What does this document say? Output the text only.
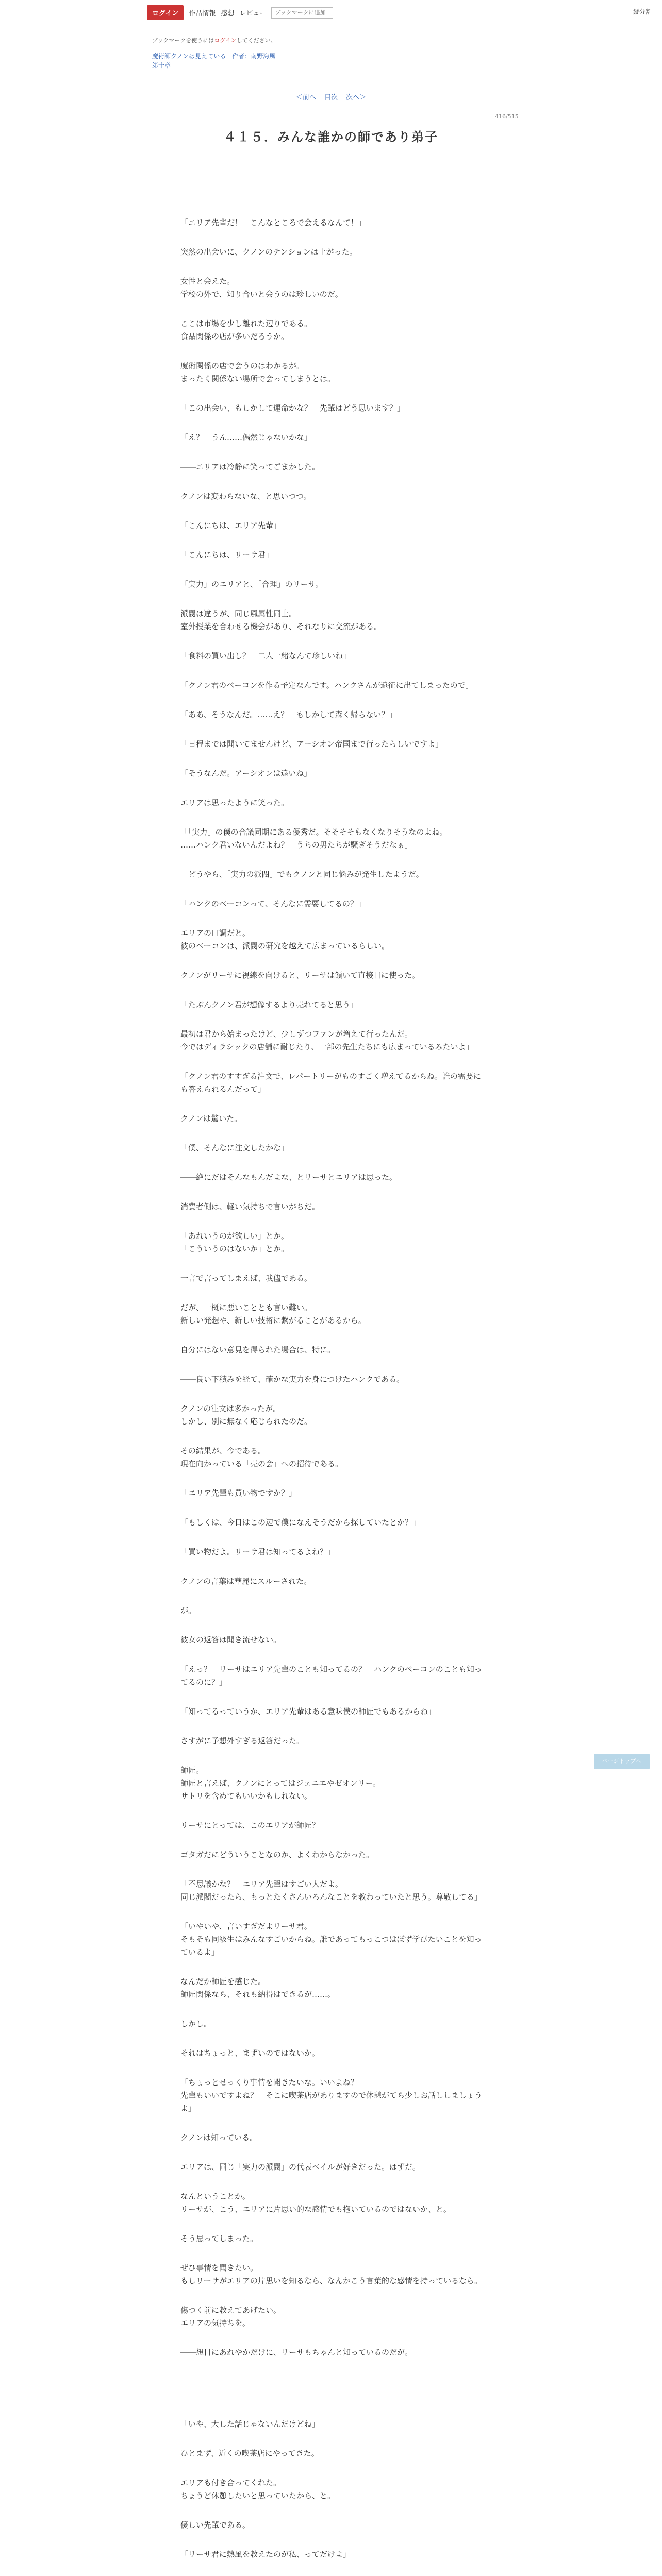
ログイン	作品情報 感想 レビュー
ブックマークに追加	縦分割
ブックマークを使うにはログインしてください。
魔術師クノンは見えている　作者：南野海風
第十章
＜前へ 目次 次へ＞
416/515
４１５．みんな誰かの師であり弟子

「エリア先輩だ！　こんなところで会えるなんて！」

突然の出会いに、クノンのテンションは上がった。

女性と会えた。
学校の外で、知り合いと会うのは珍しいのだ。

ここは市場を少し離れた辺りである。
食品関係の店が多いだろうか。

魔術関係の店で会うのはわかるが。
まったく関係ない場所で会ってしまうとは。

「この出会い、もしかして運命かな？　先輩はどう思います？」

「え？　うん……偶然じゃないかな」

――エリアは冷静に笑ってごまかした。

クノンは変わらないな、と思いつつ。

「こんにちは、エリア先輩」

「こんにちは、リーサ君」

「実力」のエリアと、「合理」のリーサ。

派閥は違うが、同じ風属性同士。
室外授業を合わせる機会があり、それなりに交流がある。

「食料の買い出し？　二人一緒なんて珍しいね」

「クノン君のベーコンを作る予定なんです。ハンクさんが遠征に出てしまったので」

「ああ、そうなんだ。……え？　もしかして森く帰らない？」

「日程までは聞いてませんけど、アーシオン帝国まで行ったらしいですよ」

「そうなんだ。アーシオンは遠いね」

エリアは思ったように笑った。

「「実力」の僕の合議同期にある優秀だ。そそそそもなくなりそうなのよね。
……ハンク君いないんだよね？　うちの男たちが騒ぎそうだなぁ」

　どうやら、「実力の派閥」でもクノンと同じ悩みが発生したようだ。

「ハンクのベーコンって、そんなに需要してるの？」

エリアの口調だと。
彼のベーコンは、派閥の研究を越えて広まっているらしい。

クノンがリーサに視線を向けると、リーサは頷いて直接目に使った。

「たぶんクノン君が想像するより売れてると思う」

最初は君から始まったけど、少しずつファンが増えて行ったんだ。
今ではディラシックの店舗に耐じたり、一部の先生たちにも広まっているみたいよ」

「クノン君のすすぎる注文で、レパートリーがものすごく増えてるからね。誰の需要にも答えられるんだって」

クノンは驚いた。

「僕、そんなに注文したかな」

――絶にだはそんなもんだよな、とリーサとエリアは思った。

消費者側は、軽い気持ちで言いがちだ。

「あれいうのが欲しい」とか。
「こういうのはないか」とか。

一言で言ってしまえば、我儘である。

だが、一概に悪いこととも言い難い。
新しい発想や、新しい技術に繋がることがあるから。

自分にはない意見を得られた場合は、特に。

――良い下積みを経て、確かな実力を身につけたハンクである。

クノンの注文は多かったが。
しかし、別に無なく応じられたのだ。

その結果が、今である。
現在向かっている「売の会」への招待である。

「エリア先輩も買い物ですか？」

「もしくは、今日はこの辺で僕になえそうだから探していたとか？」

「買い物だよ。リーサ君は知ってるよね？」

クノンの言葉は華麗にスルーされた。

が。

彼女の返答は聞き流せない。

「えっ？　リーサはエリア先輩のことも知ってるの？　ハンクのベーコンのことも知ってるのに？」

「知ってるっていうか、エリア先輩はある意味僕の師匠でもあるからね」

さすがに予想外すぎる返答だった。

師匠。
師匠と言えば、クノンにとってはジェニエやゼオンリー。
サトリを含めてもいいかもしれない。

リーサにとっては、このエリアが師匠？

ゴタガだにどういうことなのか、よくわからなかった。

「不思議かな？　エリア先輩はすごい人だよ。
同じ派閥だったら、もっとたくさんいろんなことを教わっていたと思う。尊敬してる」

「いやいや、言いすぎだよリーサ君。
そもそも同級生はみんなすごいからね。誰であってもっこつはぼず学びたいことを知っているよ」

なんだか師匠を感じた。
師匠関係なら、それも納得はできるが……。

しかし。

それはちょっと、まずいのではないか。

「ちょっとせっくり事情を聞きたいな。いいよね？
先輩もいいですよね？　そこに喫茶店がありますので休憩がてら少しお話ししましょうよ」

クノンは知っている。

エリアは、同じ「実力の派閥」の代表ベイルが好きだった。はずだ。

なんということか。
リーサが、こう、エリアに片思い的な感情でも抱いているのではないか、と。

そう思ってしまった。

ぜひ事情を聞きたい。
もしリーサがエリアの片思いを知るなら、なんかこう言葉的な感情を持っているなら。

傷つく前に教えてあげたい。
エリアの気持ちを。

――想目にあれやかだけに、リーサもちゃんと知っているのだが。

「いや、大した話じゃないんだけどね」

ひとまず、近くの喫茶店にやってきた。

エリアも付き合ってくれた。
ちょうど休憩したいと思っていたから、と。

優しい先輩である。

「リーサ君に熱風を教えたのが私、ってだけよ」

ページトップへ
